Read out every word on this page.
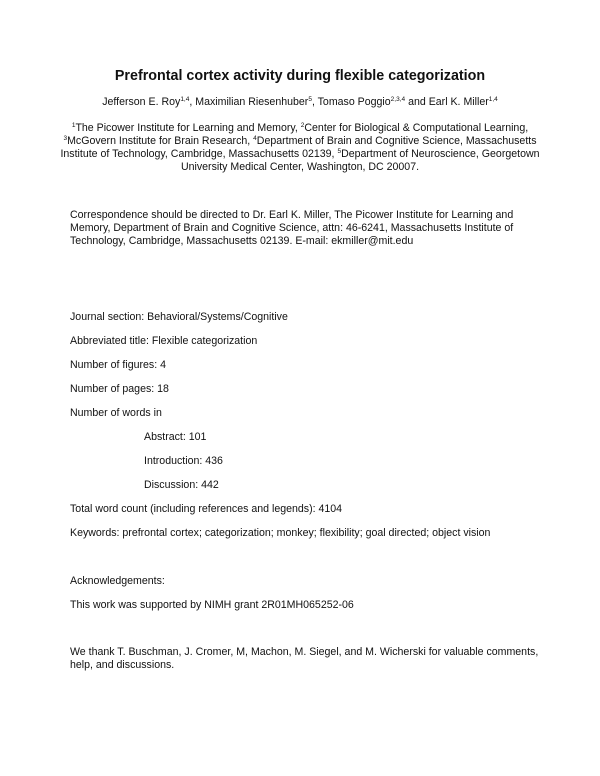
Prefrontal cortex activity during flexible categorization
Jefferson E. Roy$^{1,4}$, Maximilian Riesenhuber$^5$, Tomaso Poggio$^{2,3,4}$ and Earl K. Miller$^{1,4}$
$^1$The Picower Institute for Learning and Memory, $^2$Center for Biological & Computational Learning, $^3$McGovern Institute for Brain Research, $^4$Department of Brain and Cognitive Science, Massachusetts Institute of Technology, Cambridge, Massachusetts 02139, $^5$Department of Neuroscience, Georgetown University Medical Center, Washington, DC 20007.
Correspondence should be directed to Dr. Earl K. Miller, The Picower Institute for Learning and Memory, Department of Brain and Cognitive Science, attn: 46-6241, Massachusetts Institute of Technology, Cambridge, Massachusetts 02139. E-mail: ekmiller@mit.edu
Journal section: Behavioral/Systems/Cognitive
Abbreviated title: Flexible categorization
Number of figures: 4
Number of pages: 18
Number of words in
Abstract: 101
Introduction: 436
Discussion: 442
Total word count (including references and legends): 4104
Keywords: prefrontal cortex; categorization; monkey; flexibility; goal directed; object vision
Acknowledgements:
This work was supported by NIMH grant 2R01MH065252-06
We thank T. Buschman, J. Cromer, M, Machon, M. Siegel, and M. Wicherski for valuable comments, help, and discussions.
